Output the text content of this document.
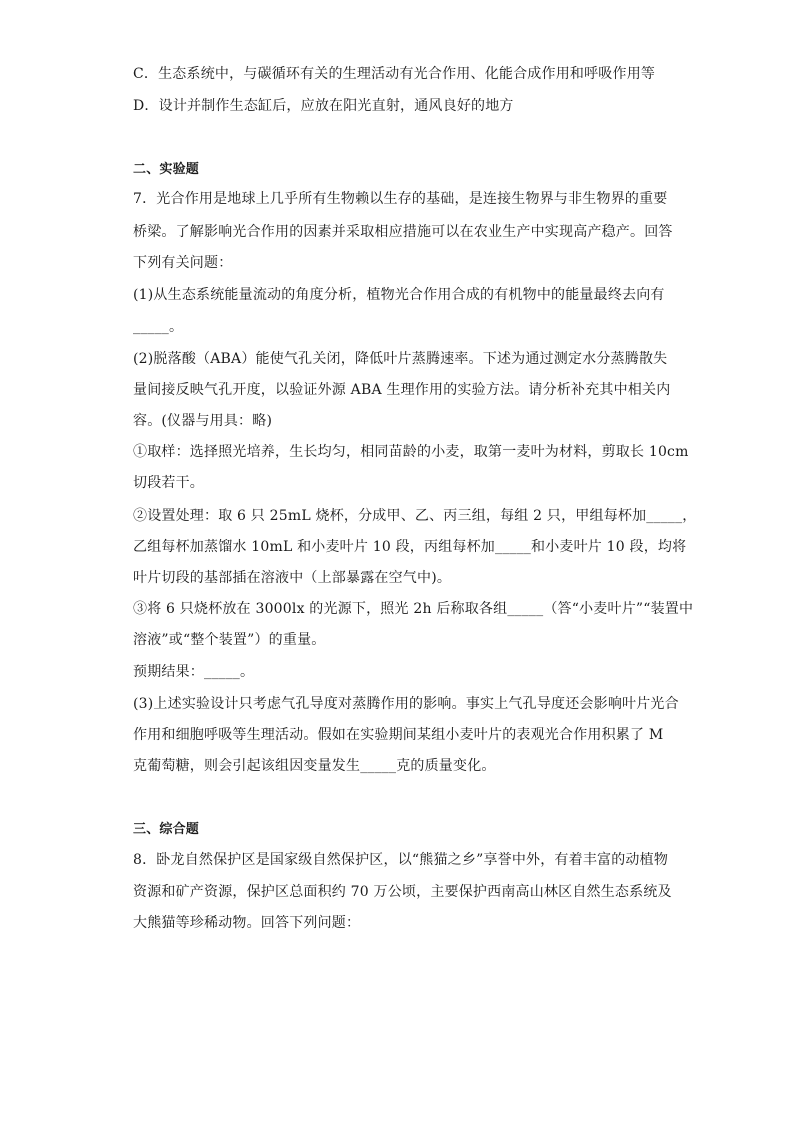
C．生态系统中，与碳循环有关的生理活动有光合作用、化能合成作用和呼吸作用等
D．设计并制作生态缸后，应放在阳光直射，通风良好的地方
二、实验题
7．光合作用是地球上几乎所有生物赖以生存的基础，是连接生物界与非生物界的重要
桥梁。了解影响光合作用的因素并采取相应措施可以在农业生产中实现高产稳产。回答
下列有关问题：
(1)从生态系统能量流动的角度分析，植物光合作用合成的有机物中的能量最终去向有
_____。
(2)脱落酸（ABA）能使气孔关闭，降低叶片蒸腾速率。下述为通过测定水分蒸腾散失
量间接反映气孔开度，以验证外源 ABA 生理作用的实验方法。请分析补充其中相关内
容。(仪器与用具：略)
①取样：选择照光培养，生长均匀，相同苗龄的小麦，取第一麦叶为材料，剪取长 10cm
切段若干。
②设置处理：取 6 只 25mL 烧杯，分成甲、乙、丙三组，每组 2 只，甲组每杯加_____，
乙组每杯加蒸馏水 10mL 和小麦叶片 10 段，丙组每杯加_____和小麦叶片 10 段，均将
叶片切段的基部插在溶液中（上部暴露在空气中)。
③将 6 只烧杯放在 3000lx 的光源下，照光 2h 后称取各组_____（答“小麦叶片”“装置中
溶液”或“整个装置”）的重量。
预期结果：_____。
(3)上述实验设计只考虑气孔导度对蒸腾作用的影响。事实上气孔导度还会影响叶片光合
作用和细胞呼吸等生理活动。假如在实验期间某组小麦叶片的表观光合作用积累了 M
克葡萄糖，则会引起该组因变量发生_____克的质量变化。
三、综合题
8．卧龙自然保护区是国家级自然保护区，以“熊猫之乡”享誉中外，有着丰富的动植物
资源和矿产资源，保护区总面积约 70 万公顷，主要保护西南高山林区自然生态系统及
大熊猫等珍稀动物。回答下列问题：
